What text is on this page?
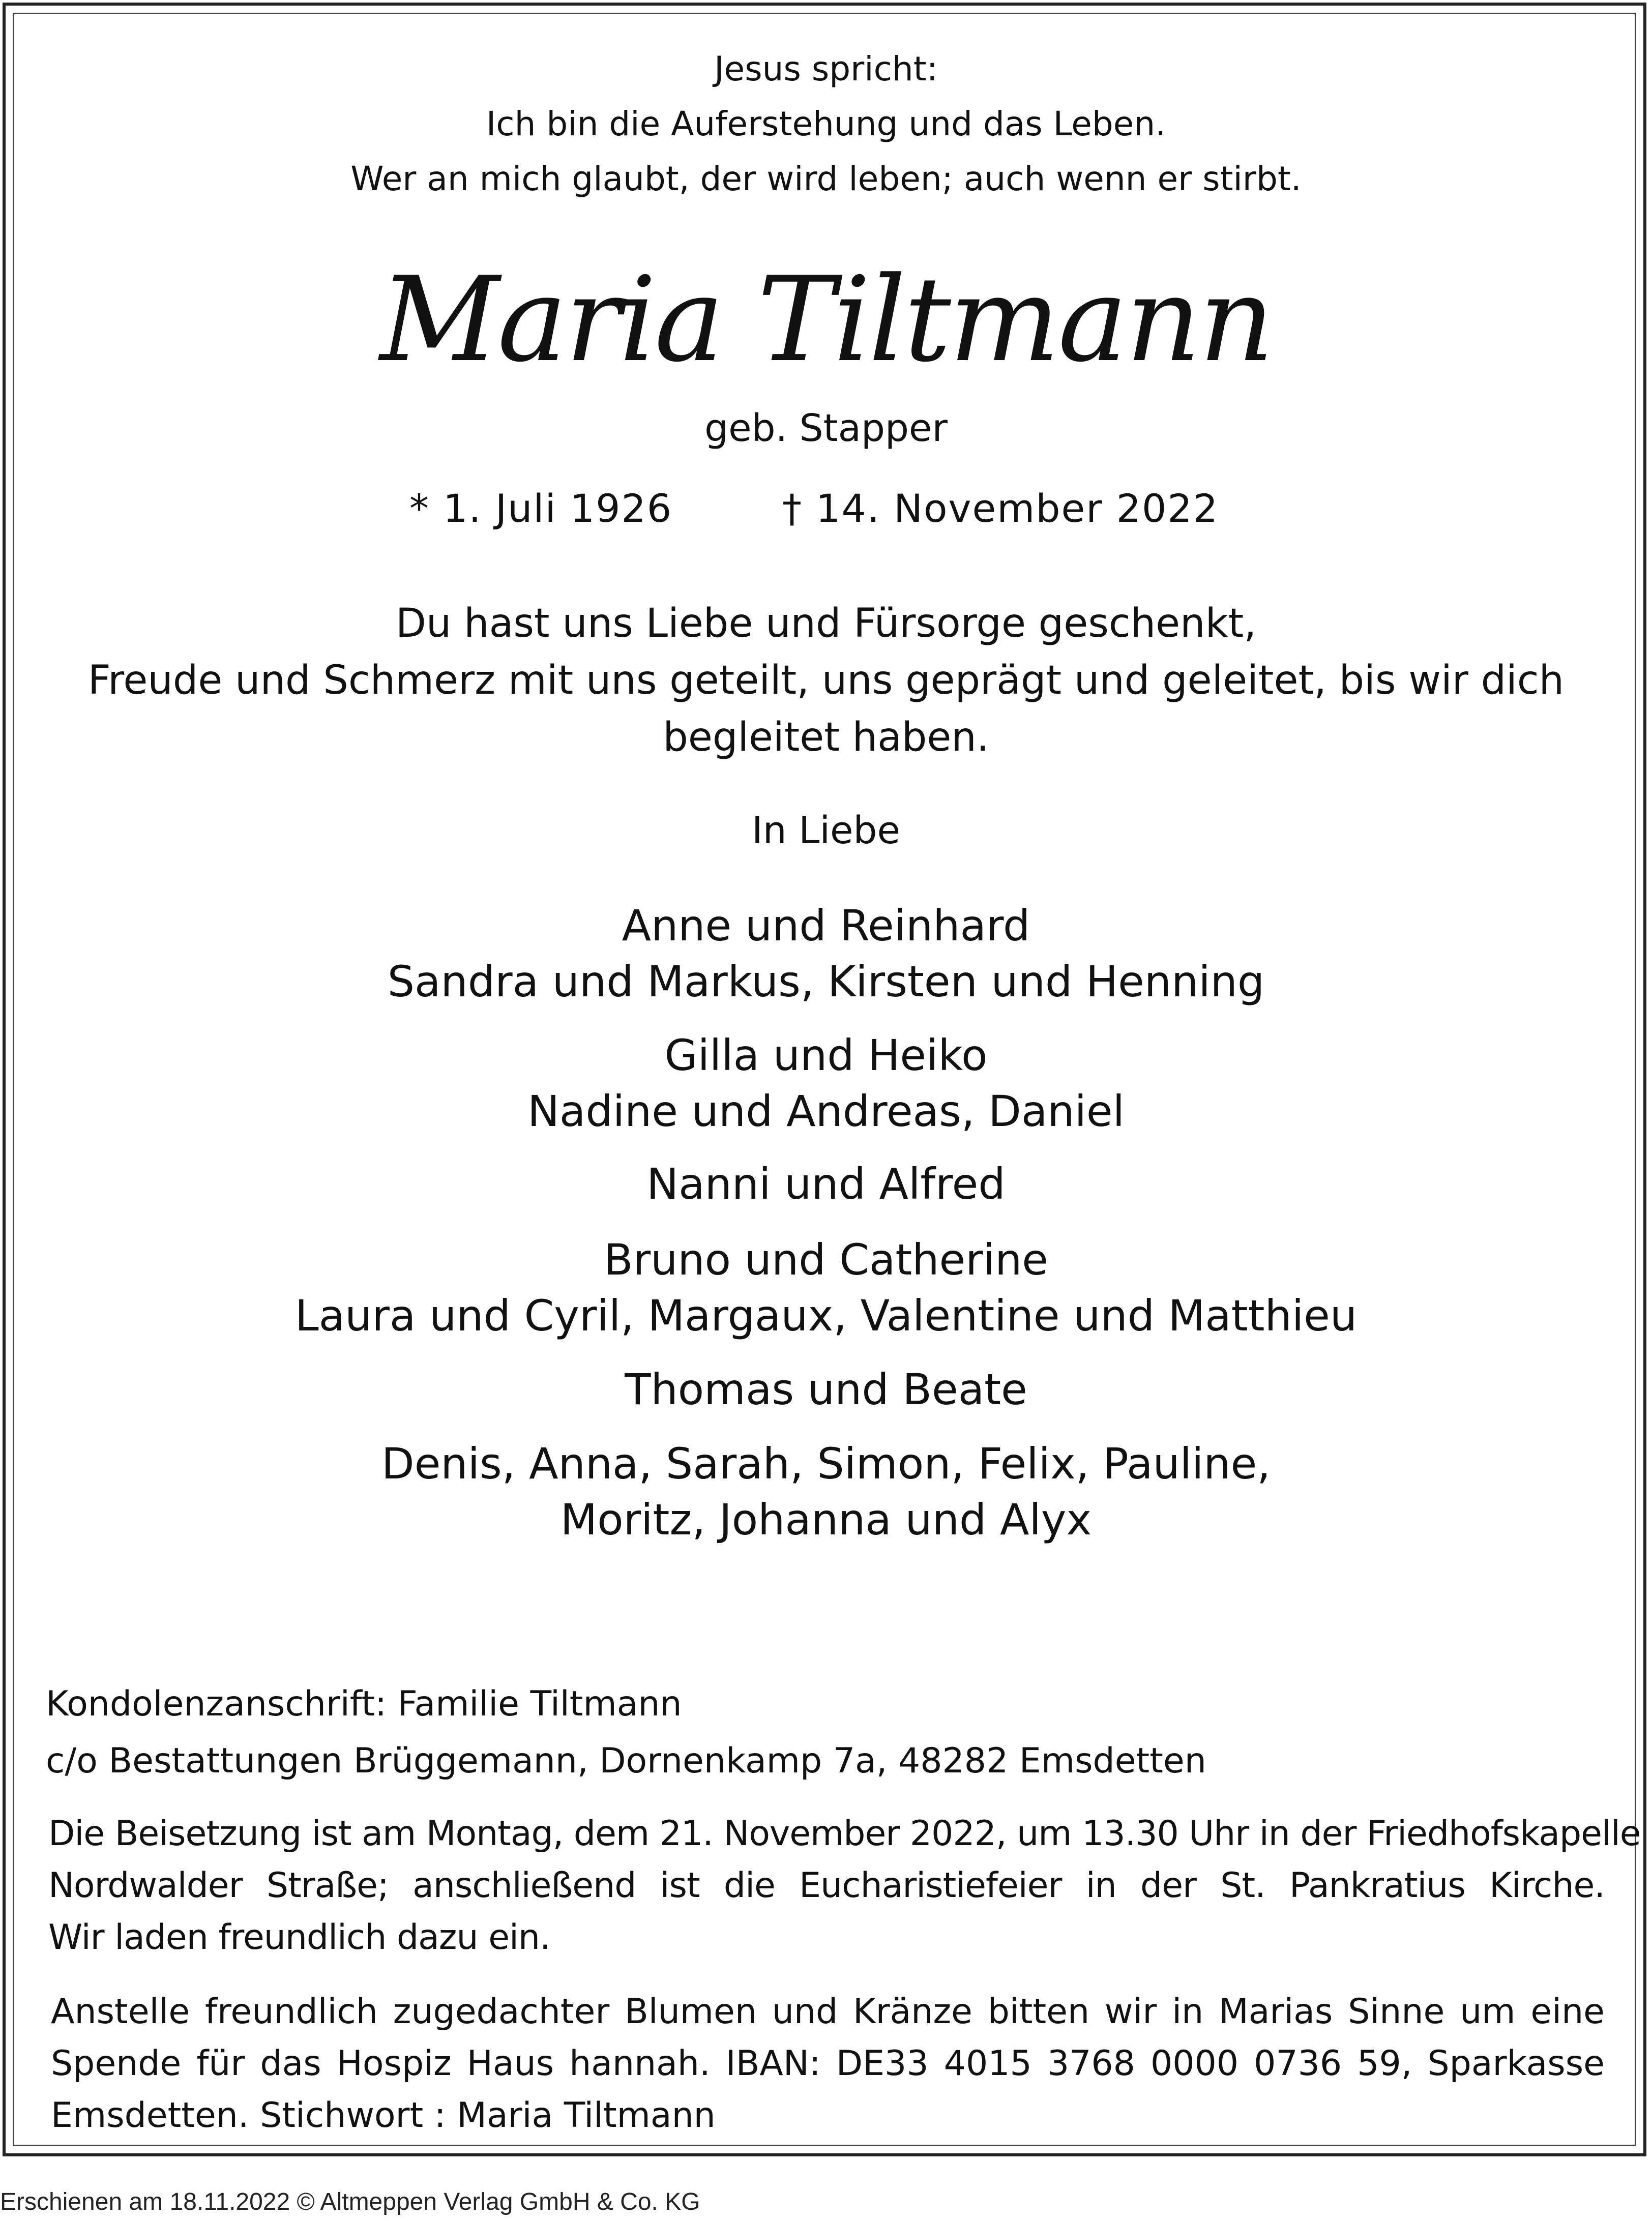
Jesus spricht:
Ich bin die Auferstehung und das Leben.
Wer an mich glaubt, der wird leben; auch wenn er stirbt.
Maria Tiltmann
geb. Stapper
* 1. Juli 1926	† 14. November 2022
Du hast uns Liebe und Fürsorge geschenkt,
Freude und Schmerz mit uns geteilt, uns geprägt und geleitet, bis wir dich
begleitet haben.
In Liebe
Anne und Reinhard
Sandra und Markus, Kirsten und Henning
Gilla und Heiko
Nadine und Andreas, Daniel
Nanni und Alfred
Bruno und Catherine
Laura und Cyril, Margaux, Valentine und Matthieu
Thomas und Beate
Denis, Anna, Sarah, Simon, Felix, Pauline,
Moritz, Johanna und Alyx
Kondolenzanschrift: Familie Tiltmann
c/o Bestattungen Brüggemann, Dornenkamp 7a, 48282 Emsdetten
Die Beisetzung ist am Montag, dem 21. November 2022, um 13.30 Uhr in der Friedhofskapelle
Nordwalder Straße; anschließend ist die Eucharistiefeier in der St. Pankratius Kirche.
Wir laden freundlich dazu ein.
Anstelle freundlich zugedachter Blumen und Kränze bitten wir in Marias Sinne um eine
Spende für das Hospiz Haus hannah. IBAN: DE33 4015 3768 0000 0736 59, Sparkasse
Emsdetten. Stichwort : Maria Tiltmann
Erschienen am 18.11.2022 © Altmeppen Verlag GmbH & Co. KG
